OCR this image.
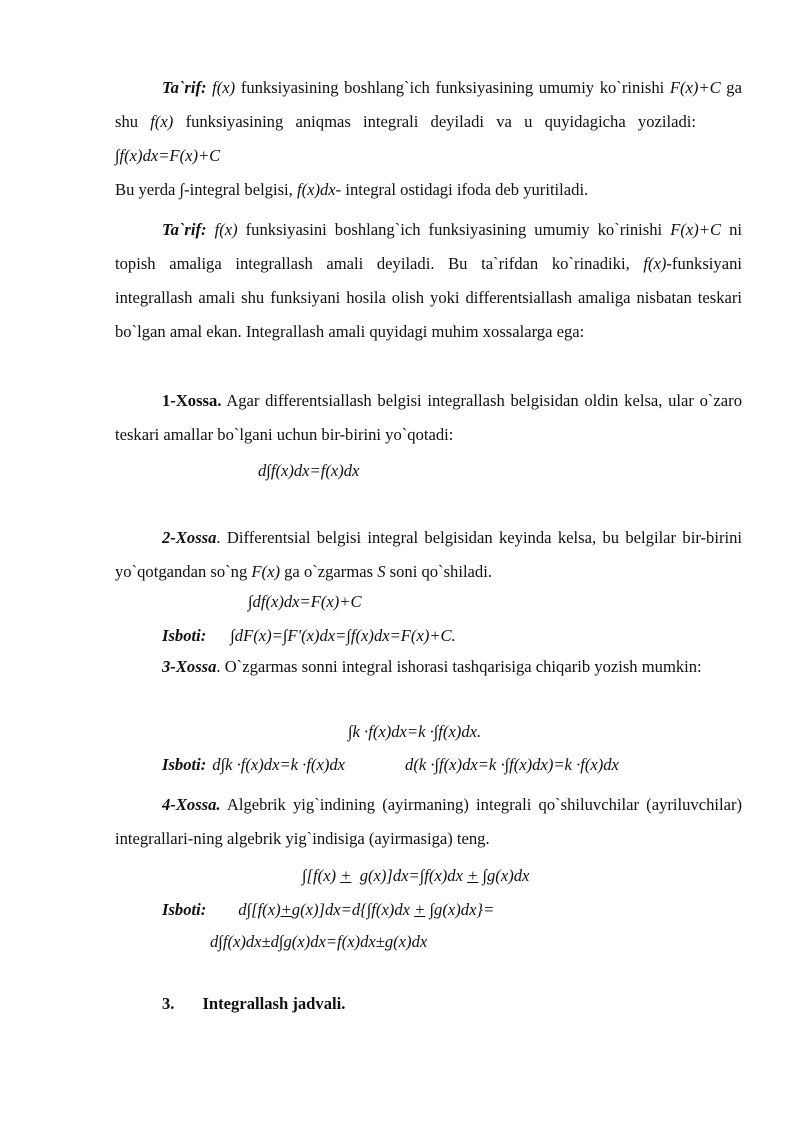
Ta`rif: f(x) funksiyasining boshlang`ich funksiyasining umumiy ko`rinishi F(x)+C ga shu f(x) funksiyasining aniqmas integrali deyiladi va u quyidagicha yoziladi:∫f(x)dx=F(x)+C

Bu yerda ∫-integral belgisi, f(x)dx- integral ostidagi ifoda deb yuritiladi.

Ta`rif: f(x) funksiyasini boshlang`ich funksiyasining umumiy ko`rinishi F(x)+C ni topish amaliga integrallash amali deyiladi. Bu ta`rifdan ko`rinadiki, f(x)-funksiyani integrallash amali shu funksiyani hosila olish yoki differentsiallash amaliga nisbatan teskari bo`lgan amal ekan. Integrallash amali quyidagi muhim xossalarga ega:

1-Xossa. Agar differentsiallash belgisi integrallash belgisidan oldin kelsa, ular o`zaro teskari amallar bo`lgani uchun bir-birini yo`qotadi:

d∫f(x)dx=f(x)dx

2-Xossa. Differentsial belgisi integral belgisidan keyinda kelsa, bu belgilar bir-birini yo`qotgandan so`ng F(x) ga o`zgarmas S soni qo`shiladi.

∫df(x)dx=F(x)+C
Isboti: ∫dF(x)=∫F'(x)dx=∫f(x)dx=F(x)+C.

3-Xossa. O`zgarmas sonni integral ishorasi tashqarisiga chiqarib yozish mumkin:

∫k ·f(x)dx=k ·∫f(x)dx.
Isboti: d∫k ·f(x)dx=k ·f(x)dx	d(k ·∫f(x)dx=k ·∫f(x)dx)=k ·f(x)dx

4-Xossa. Algebrik yig`indining (ayirmaning) integrali qo`shiluvchilar (ayriluvchilar) integrallari-ning algebrik yig`indisiga (ayirmasiga) teng.

∫[f(x) +  g(x)]dx=∫f(x)dx + ∫g(x)dx
Isboti: d∫[f(x)+g(x)]dx=d{∫f(x)dx + ∫g(x)dx}=
d∫f(x)dx±d∫g(x)dx=f(x)dx±g(x)dx
3. Integrallash jadvali.
